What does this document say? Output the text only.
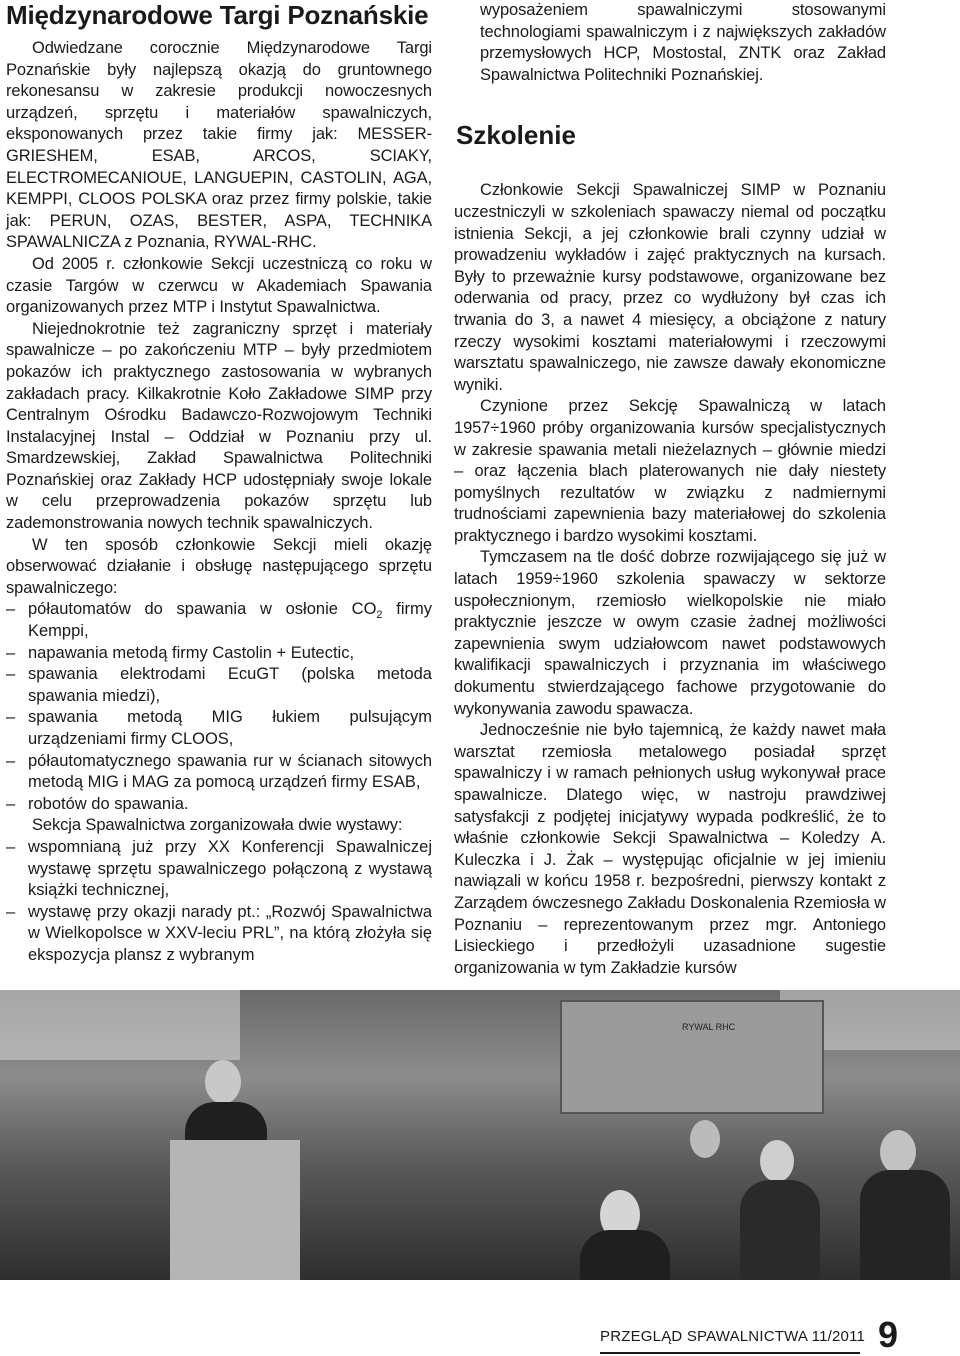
Międzynarodowe Targi Poznańskie

Odwiedzane corocznie Międzynarodowe Targi Poznańskie były najlepszą okazją do gruntownego rekonesansu w zakresie produkcji nowoczesnych urządzeń, sprzętu i materiałów spawalniczych, eksponowanych przez takie firmy jak: MESSER-GRIESHEM, ESAB, ARCOS, SCIAKY, ELECTROMECANIOUE, LANGUEPIN, CASTOLIN, AGA, KEMPPI, CLOOS POLSKA oraz przez firmy polskie, takie jak: PERUN, OZAS, BESTER, ASPA, TECHNIKA SPAWALNICZA z Poznania, RYWAL-RHC.

Od 2005 r. członkowie Sekcji uczestniczą co roku w czasie Targów w czerwcu w Akademiach Spawania organizowanych przez MTP i Instytut Spawalnictwa.

Niejednokrotnie też zagraniczny sprzęt i materiały spawalnicze – po zakończeniu MTP – były przedmiotem pokazów ich praktycznego zastosowania w wybranych zakładach pracy. Kilkakrotnie Koło Zakładowe SIMP przy Centralnym Ośrodku Badawczo-Rozwojowym Techniki Instalacyjnej Instal – Oddział w Poznaniu przy ul. Smardzewskiej, Zakład Spawalnictwa Politechniki Poznańskiej oraz Zakłady HCP udostępniały swoje lokale w celu przeprowadzenia pokazów sprzętu lub zademonstrowania nowych technik spawalniczych.

W ten sposób członkowie Sekcji mieli okazję obserwować działanie i obsługę następującego sprzętu spawalniczego:

– półautomatów do spawania w osłonie $CO_2$ firmy Kemppi,
– napawania metodą firmy Castolin + Eutectic,
– spawania elektrodami EcuGT (polska metoda spawania miedzi),
– spawania metodą MIG łukiem pulsującym urządzeniami firmy CLOOS,
– półautomatycznego spawania rur w ścianach sitowych metodą MIG i MAG za pomocą urządzeń firmy ESAB,
– robotów do spawania.

Sekcja Spawalnictwa zorganizowała dwie wystawy:

– wspomnianą już przy XX Konferencji Spawalniczej wystawę sprzętu spawalniczego połączoną z wystawą książki technicznej,
– wystawę przy okazji narady pt.: „Rozwój Spawalnictwa w Wielkopolsce w XXV-leciu PRL”, na którą złożyła się ekspozycja plansz z wybranym

wyposażeniem spawalniczymi stosowanymi technologiami spawalniczym i z największych zakładów przemysłowych HCP, Mostostal, ZNTK oraz Zakład Spawalnictwa Politechniki Poznańskiej.

Szkolenie

Członkowie Sekcji Spawalniczej SIMP w Poznaniu uczestniczyli w szkoleniach spawaczy niemal od początku istnienia Sekcji, a jej członkowie brali czynny udział w prowadzeniu wykładów i zajęć praktycznych na kursach. Były to przeważnie kursy podstawowe, organizowane bez oderwania od pracy, przez co wydłużony był czas ich trwania do 3, a nawet 4 miesięcy, a obciążone z natury rzeczy wysokimi kosztami materiałowymi i rzeczowymi warsztatu spawalniczego, nie zawsze dawały ekonomiczne wyniki.

Czynione przez Sekcję Spawalniczą w latach 1957÷1960 próby organizowania kursów specjalistycznych w zakresie spawania metali nieżelaznych – głównie miedzi – oraz łączenia blach platerowanych nie dały niestety pomyślnych rezultatów w związku z nadmiernymi trudnościami zapewnienia bazy materiałowej do szkolenia praktycznego i bardzo wysokimi kosztami.

Tymczasem na tle dość dobrze rozwijającego się już w latach 1959÷1960 szkolenia spawaczy w sektorze uspołecznionym, rzemiosło wielkopolskie nie miało praktycznie jeszcze w owym czasie żadnej możliwości zapewnienia swym udziałowcom nawet podstawowych kwalifikacji spawalniczych i przyznania im właściwego dokumentu stwierdzającego fachowe przygotowanie do wykonywania zawodu spawacza.

Jednocześnie nie było tajemnicą, że każdy nawet mała warsztat rzemiosła metalowego posiadał sprzęt spawalniczy i w ramach pełnionych usług wykonywał prace spawalnicze. Dlatego więc, w nastroju prawdziwej satysfakcji z podjętej inicjatywy wypada podkreślić, że to właśnie członkowie Sekcji Spawalnictwa – Koledzy A. Kuleczka i J. Żak – występując oficjalnie w jej imieniu nawiązali w końcu 1958 r. bezpośredni, pierwszy kontakt z Zarządem ówczesnego Zakładu Doskonalenia Rzemiosła w Poznaniu – reprezentowanym przez mgr. Antoniego Lisieckiego i przedłożyli uzasadnione sugestie organizowania w tym Zakładzie kursów

RYWAL RHC
PRZEGLĄD SPAWALNICTWA 11/2011 9
